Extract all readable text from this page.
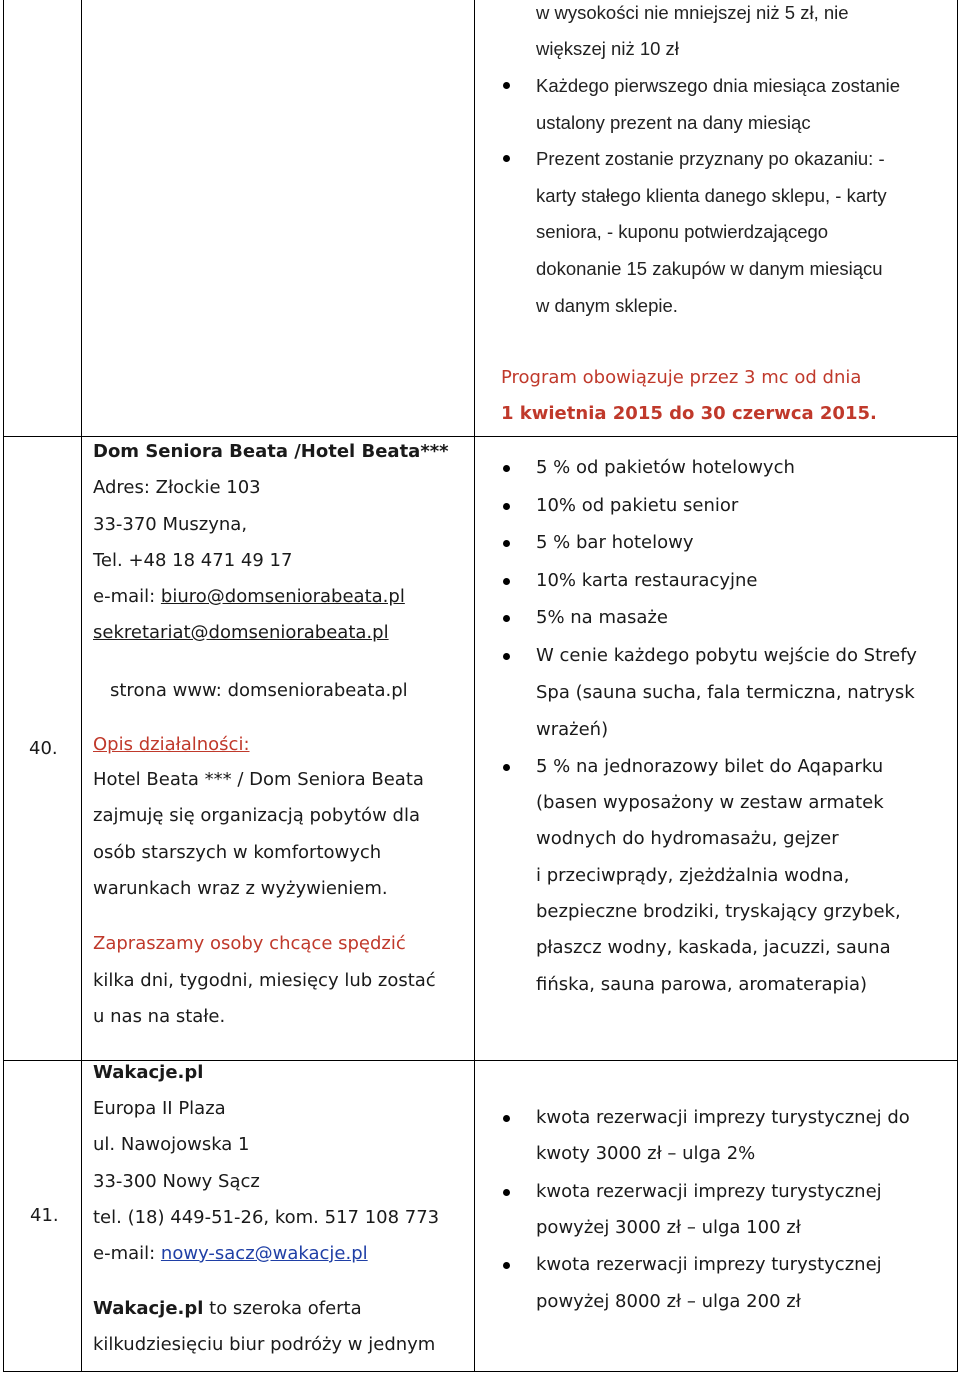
w wysokości nie mniejszej niż 5 zł, nie
większej niż 10 zł
Każdego pierwszego dnia miesiąca zostanie
ustalony prezent na dany miesiąc
Prezent zostanie przyznany po okazaniu: -
karty stałego klienta danego sklepu, - karty
seniora, - kuponu potwierdzającego
dokonanie 15 zakupów w danym miesiącu
w danym sklepie.
Program obowiązuje przez 3 mc od dnia
1 kwietnia 2015 do 30 czerwca 2015.
40.
Dom Seniora Beata /Hotel Beata***
Adres: Złockie 103
33-370 Muszyna,
Tel. +48 18 471 49 17
e-mail: biuro@domseniorabeata.pl
sekretariat@domseniorabeata.pl
strona www: domseniorabeata.pl
Opis działalności:
Hotel Beata *** / Dom Seniora Beata
zajmuję się organizacją pobytów dla
osób starszych w komfortowych
warunkach wraz z wyżywieniem.
Zapraszamy osoby chcące spędzić
kilka dni, tygodni, miesięcy lub zostać
u nas na stałe.
5 % od pakietów hotelowych
10% od pakietu senior
5 % bar hotelowy
10% karta restauracyjne
5% na masaże
W cenie każdego pobytu wejście do Strefy
Spa (sauna sucha, fala termiczna, natrysk
wrażeń)
5 % na jednorazowy bilet do Aqaparku
(basen wyposażony w zestaw armatek
wodnych do hydromasażu, gejzer
i przeciwprądy, zjeżdżalnia wodna,
bezpieczne brodziki, tryskający grzybek,
płaszcz wodny, kaskada, jacuzzi, sauna
fińska, sauna parowa, aromaterapia)
41.
Wakacje.pl
Europa II Plaza
ul. Nawojowska 1
33-300 Nowy Sącz
tel. (18) 449-51-26, kom. 517 108 773
e-mail: nowy-sacz@wakacje.pl
Wakacje.pl to szeroka oferta
kilkudziesięciu biur podróży w jednym
kwota rezerwacji imprezy turystycznej do
kwoty 3000 zł – ulga 2%
kwota rezerwacji imprezy turystycznej
powyżej 3000 zł – ulga 100 zł
kwota rezerwacji imprezy turystycznej
powyżej 8000 zł – ulga 200 zł
